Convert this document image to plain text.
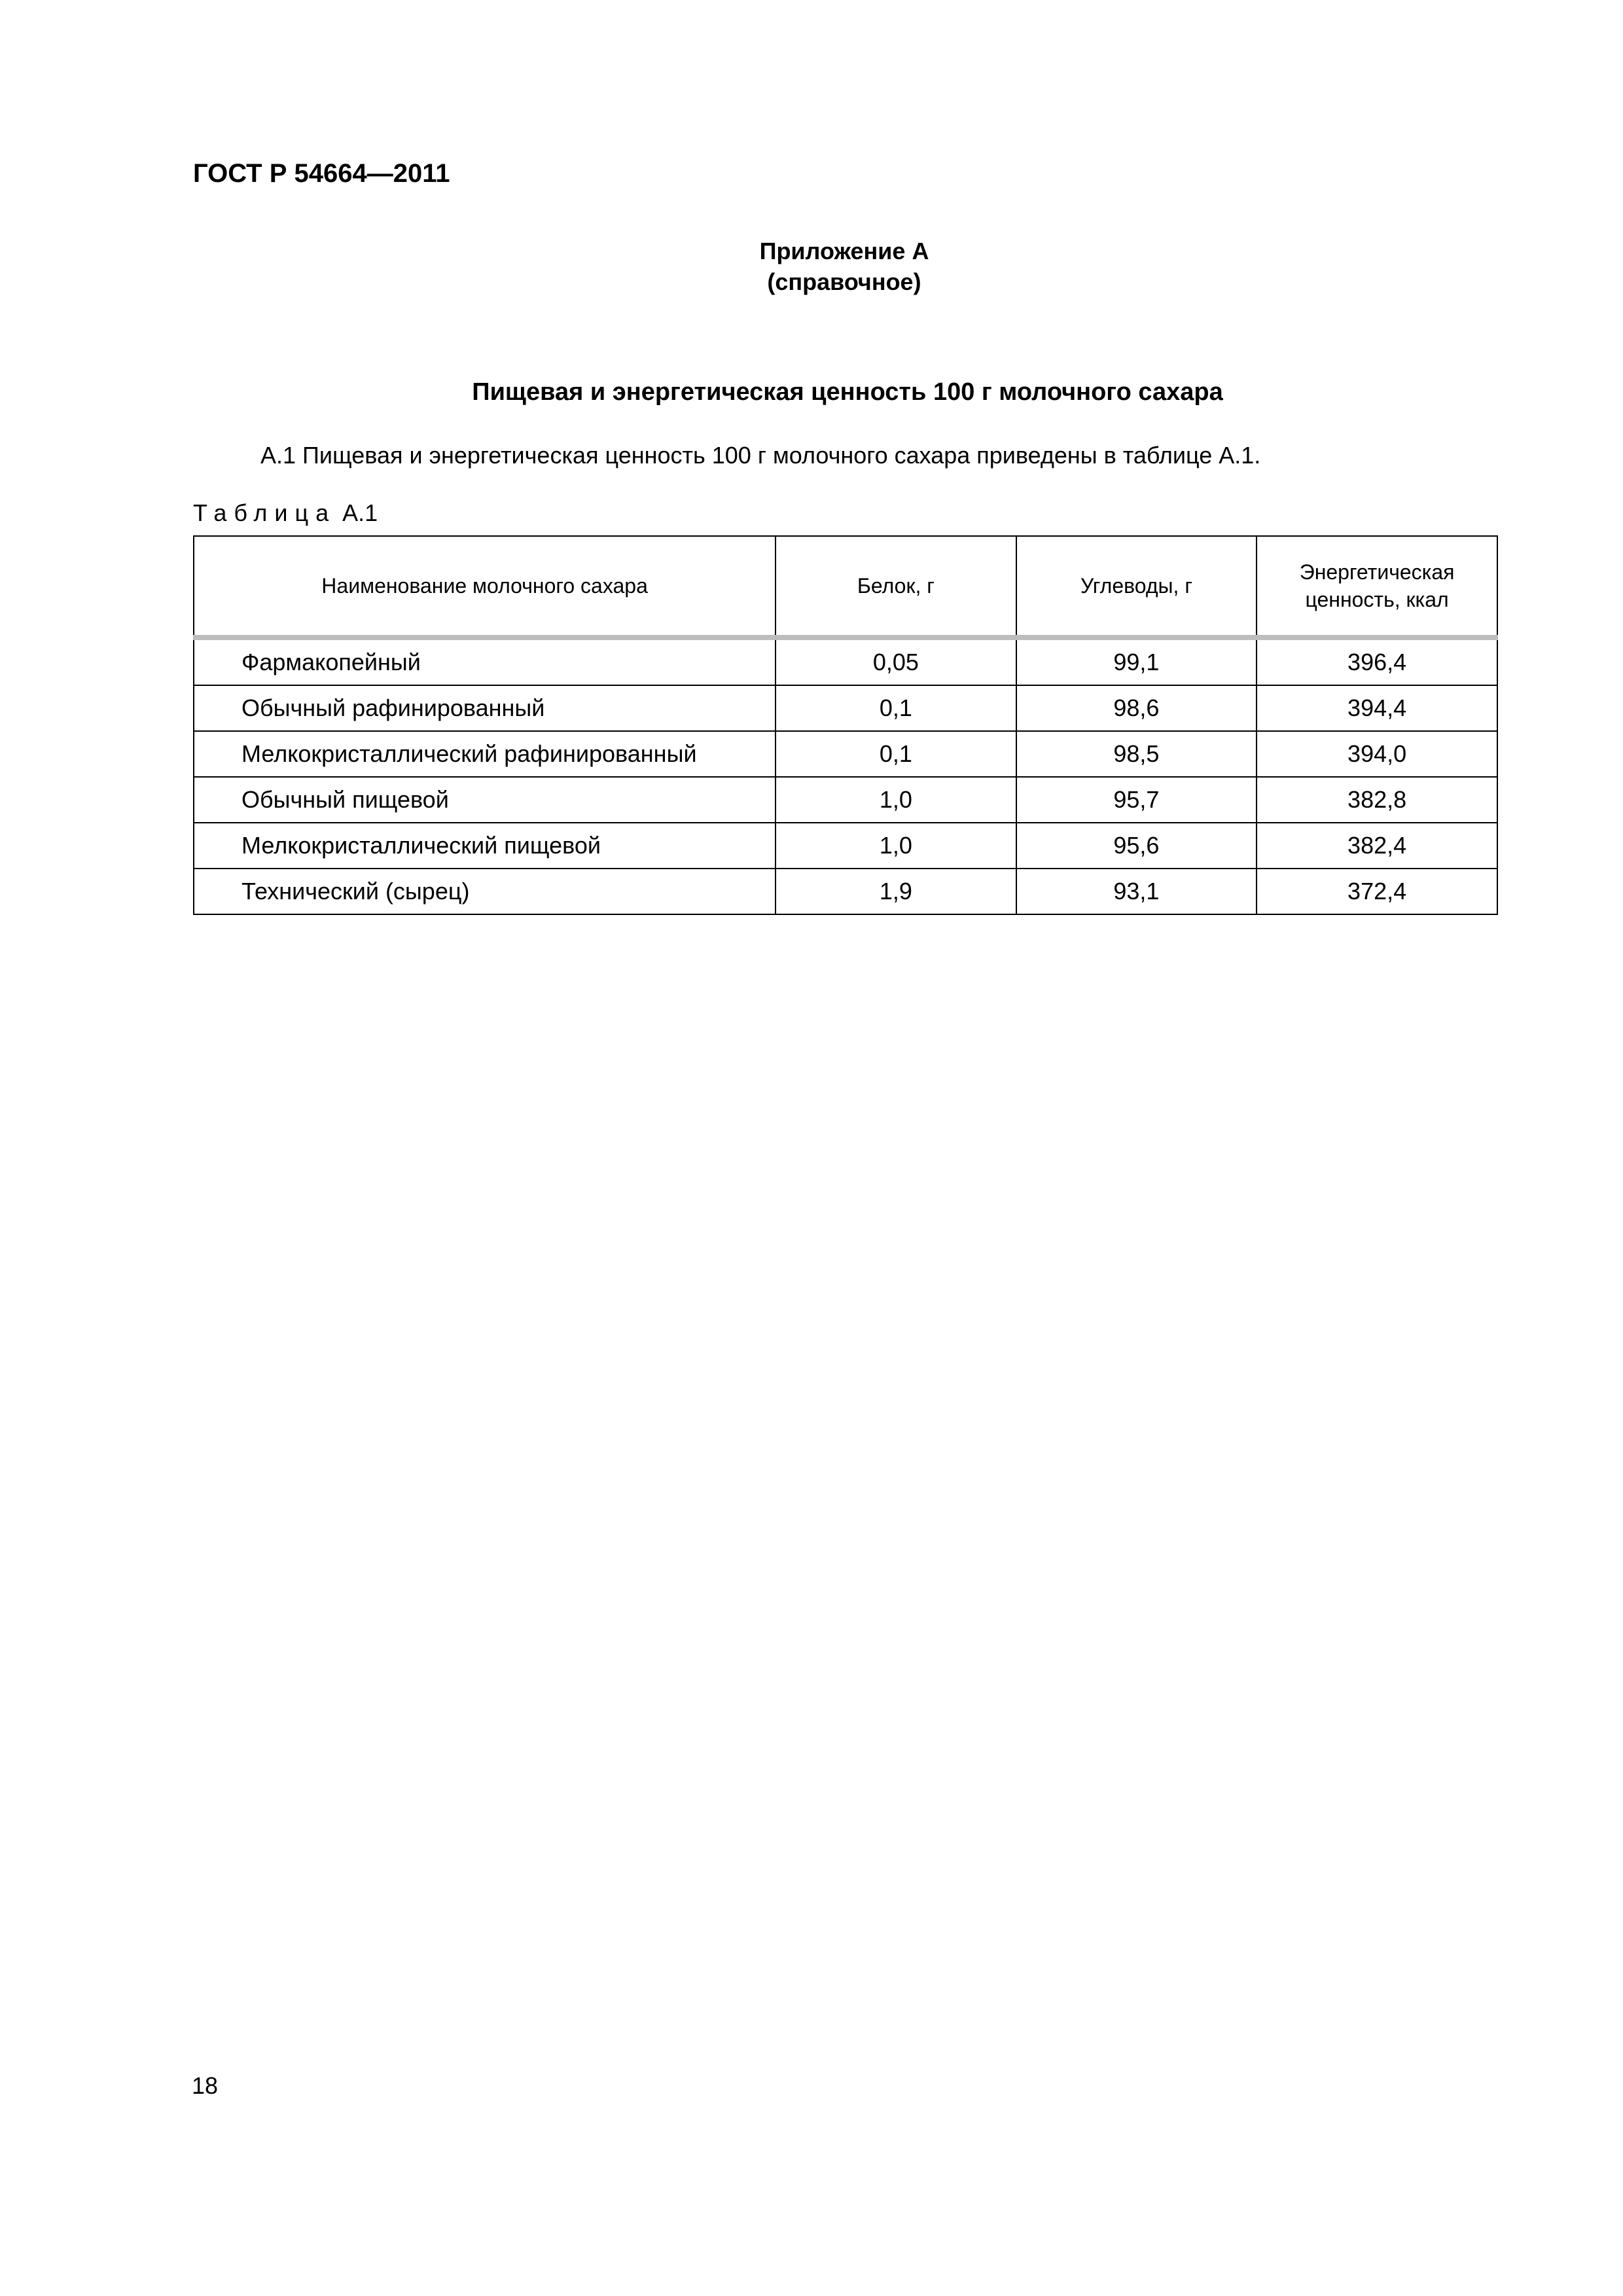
ГОСТ Р 54664—2011
Приложение А
(справочное)
Пищевая и энергетическая ценность 100 г молочного сахара
А.1 Пищевая и энергетическая ценность 100 г молочного сахара приведены в таблице А.1.
Таблица А.1
Наименование молочного сахара	Белок, г	Углеводы, г	Энергетическая ценность, ккал

Фармакопейный	0,05	99,1	396,4
Обычный рафинированный	0,1	98,6	394,4
Мелкокристаллический рафинированный	0,1	98,5	394,0
Обычный пищевой	1,0	95,7	382,8
Мелкокристаллический пищевой	1,0	95,6	382,4
Технический (сырец)	1,9	93,1	372,4
18
